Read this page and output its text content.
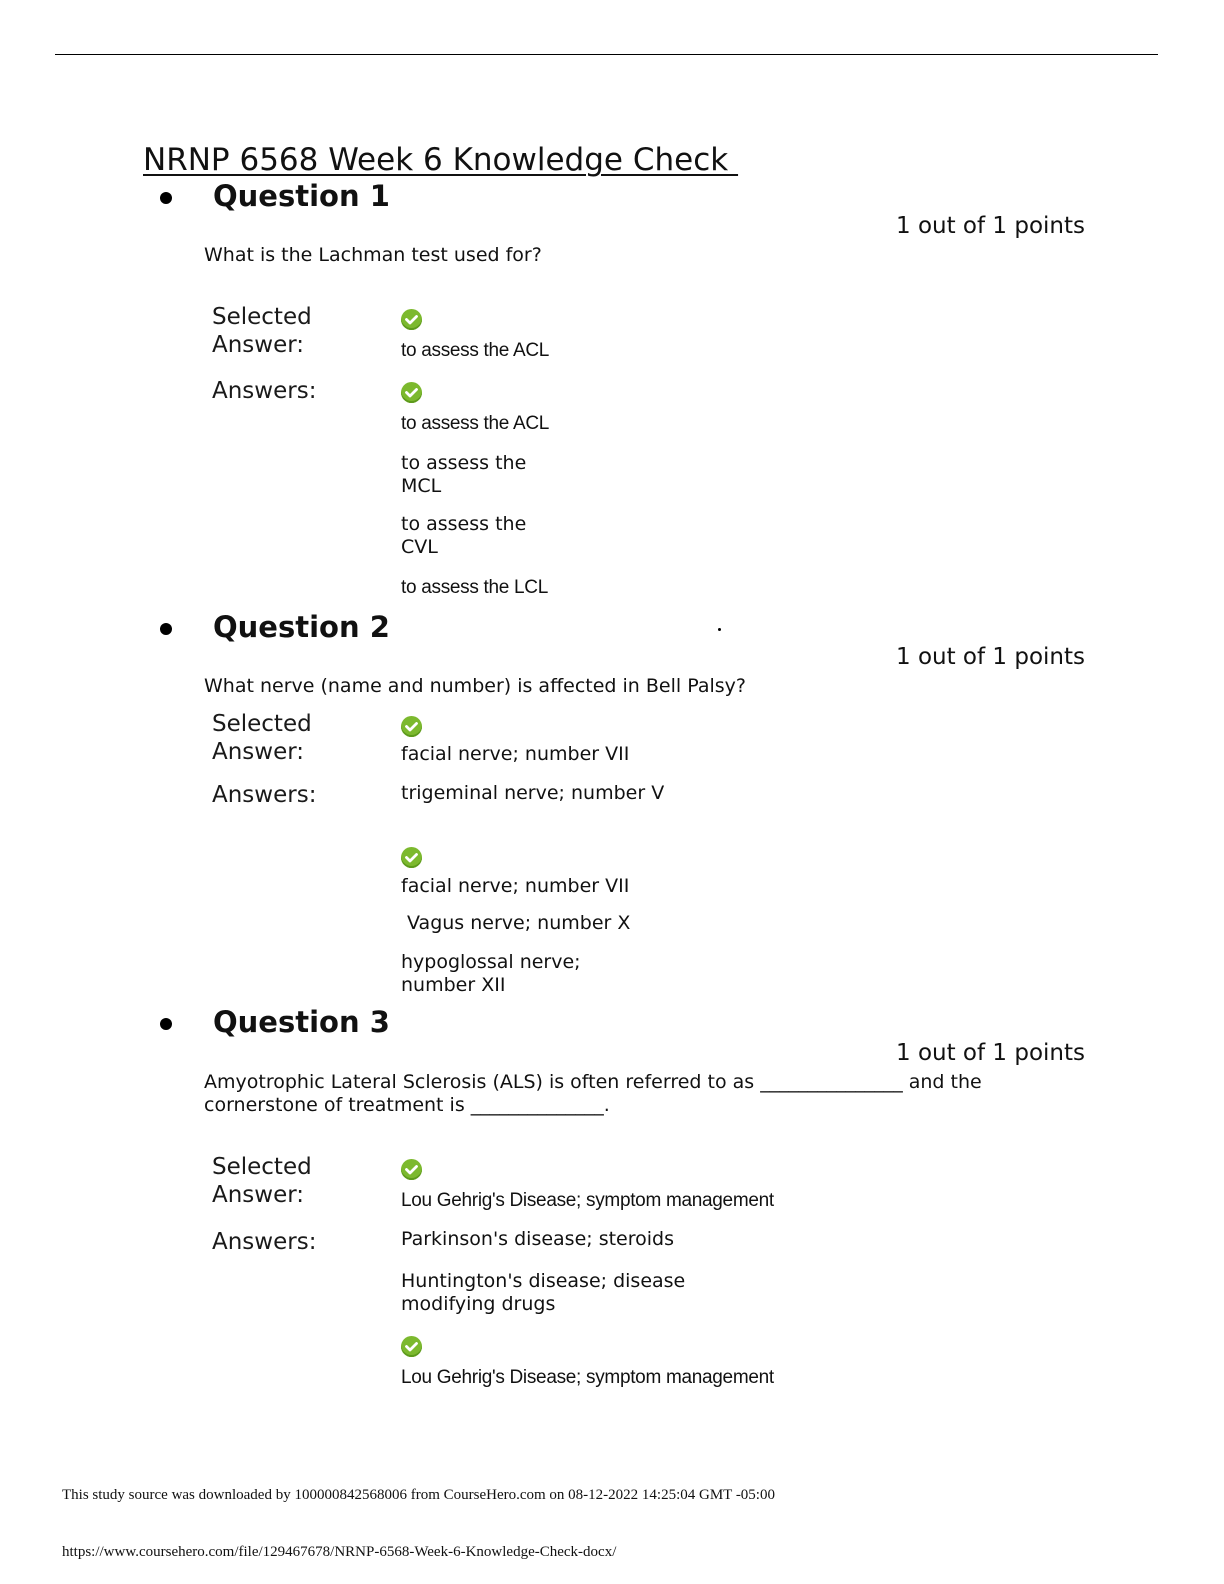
NRNP 6568 Week 6 Knowledge Check
Question 1
1 out of 1 points
What is the Lachman test used for?
Selected
Answer:	to assess the ACL
Answers:
to assess the ACL
to assess the MCL
to assess the CVL
to assess the LCL
Question 2
1 out of 1 points
What nerve (name and number) is affected in Bell Palsy?
Selected
Answer:	facial nerve; number VII
Answers:	trigeminal nerve; number V
facial nerve; number VII
Vagus nerve; number X
hypoglossal nerve; number XII
Question 3
1 out of 1 points
Amyotrophic Lateral Sclerosis (ALS) is often referred to as _______________ and the cornerstone of treatment is ______________.
Selected
Answer:	Lou Gehrig's Disease; symptom management
Answers:	Parkinson's disease; steroids
Huntington's disease; disease modifying drugs
Lou Gehrig's Disease; symptom management
This study source was downloaded by 100000842568006 from CourseHero.com on 08-12-2022 14:25:04 GMT -05:00
https://www.coursehero.com/file/129467678/NRNP-6568-Week-6-Knowledge-Check-docx/
